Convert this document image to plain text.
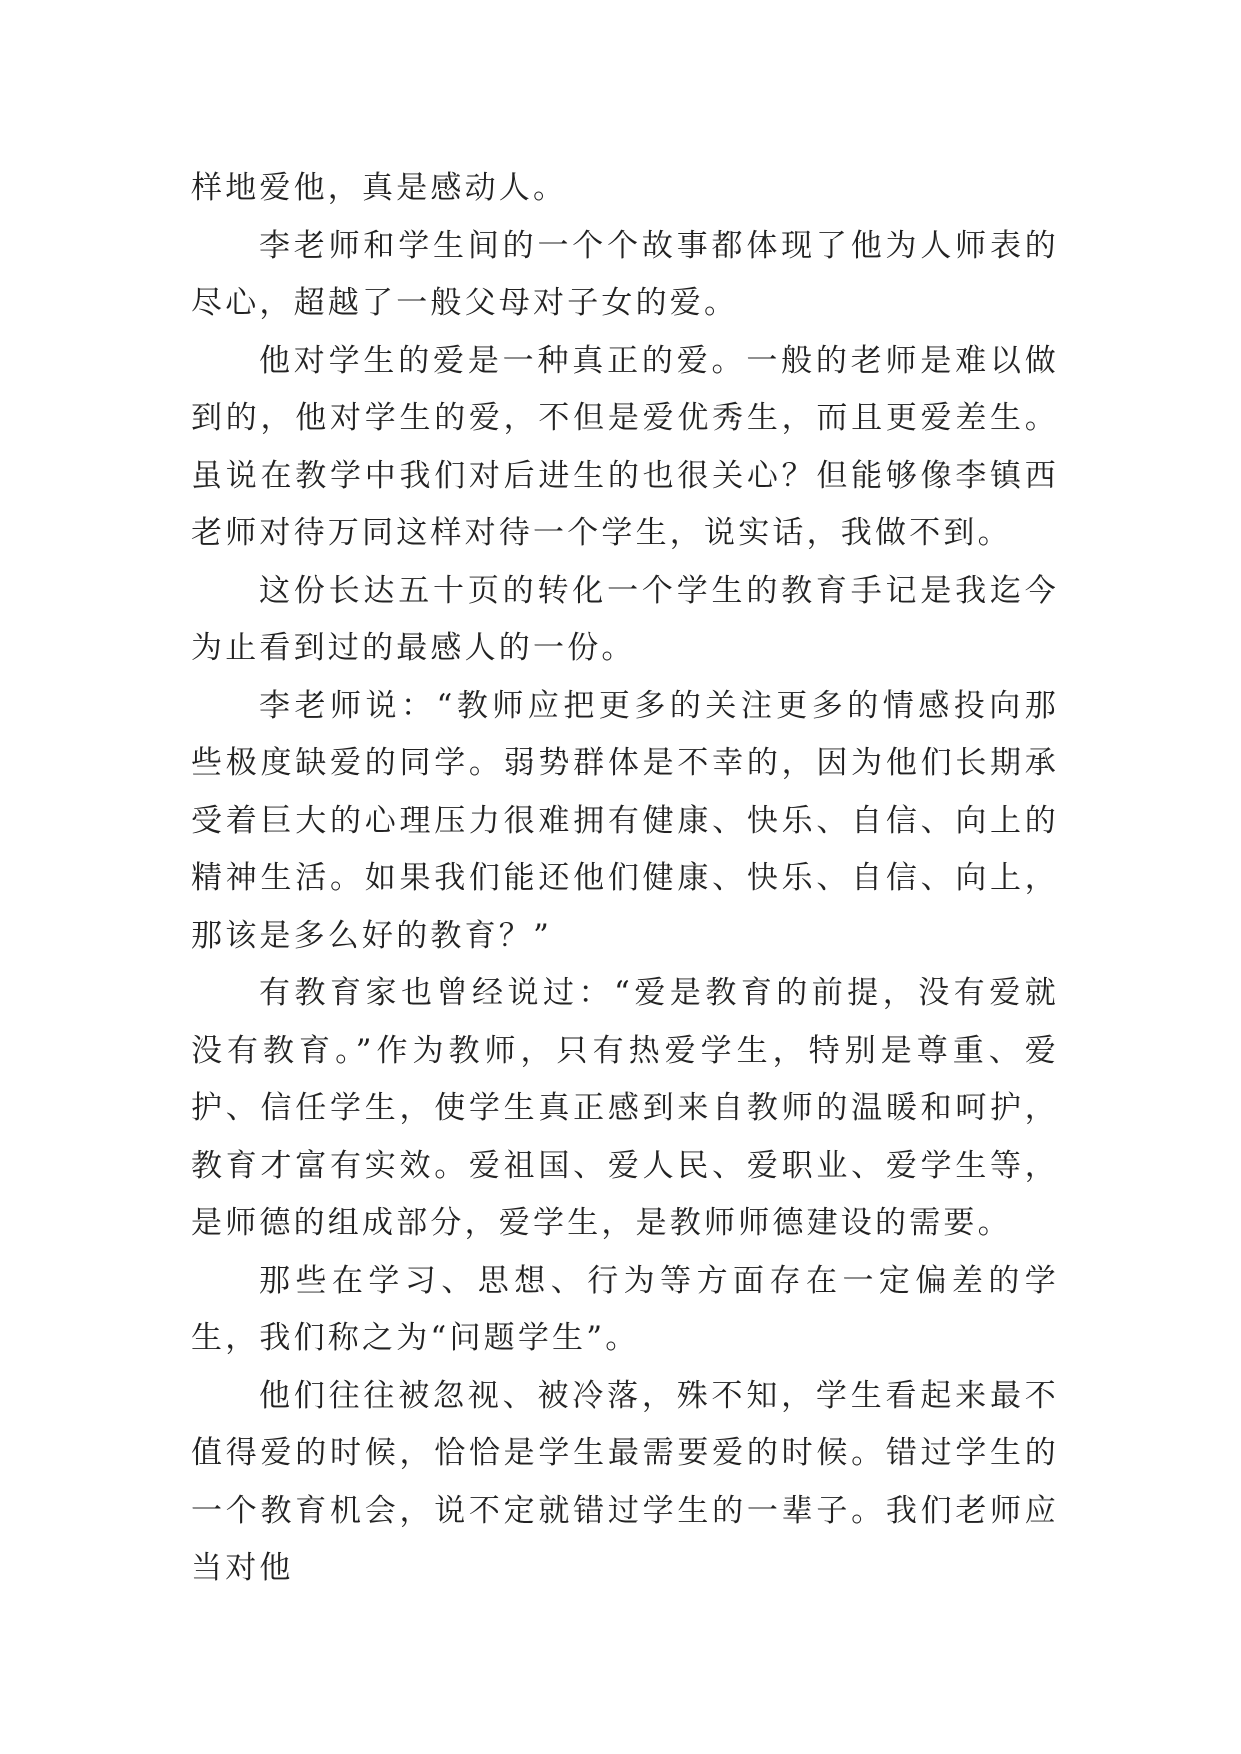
样地爱他，真是感动人。

李老师和学生间的一个个故事都体现了他为人师表的尽心，超越了一般父母对子女的爱。

他对学生的爱是一种真正的爱。一般的老师是难以做到的，他对学生的爱，不但是爱优秀生，而且更爱差生。虽说在教学中我们对后进生的也很关心？但能够像李镇西老师对待万同这样对待一个学生，说实话，我做不到。

这份长达五十页的转化一个学生的教育手记是我迄今为止看到过的最感人的一份。

李老师说：“教师应把更多的关注更多的情感投向那些极度缺爱的同学。弱势群体是不幸的，因为他们长期承受着巨大的心理压力很难拥有健康、快乐、自信、向上的精神生活。如果我们能还他们健康、快乐、自信、向上，那该是多么好的教育？”

有教育家也曾经说过：“爱是教育的前提，没有爱就没有教育。”作为教师，只有热爱学生，特别是尊重、爱护、信任学生，使学生真正感到来自教师的温暖和呵护，教育才富有实效。爱祖国、爱人民、爱职业、爱学生等，是师德的组成部分，爱学生，是教师师德建设的需要。

那些在学习、思想、行为等方面存在一定偏差的学生，我们称之为“问题学生”。

他们往往被忽视、被冷落，殊不知，学生看起来最不值得爱的时候，恰恰是学生最需要爱的时候。错过学生的一个教育机会，说不定就错过学生的一辈子。我们老师应当对他
